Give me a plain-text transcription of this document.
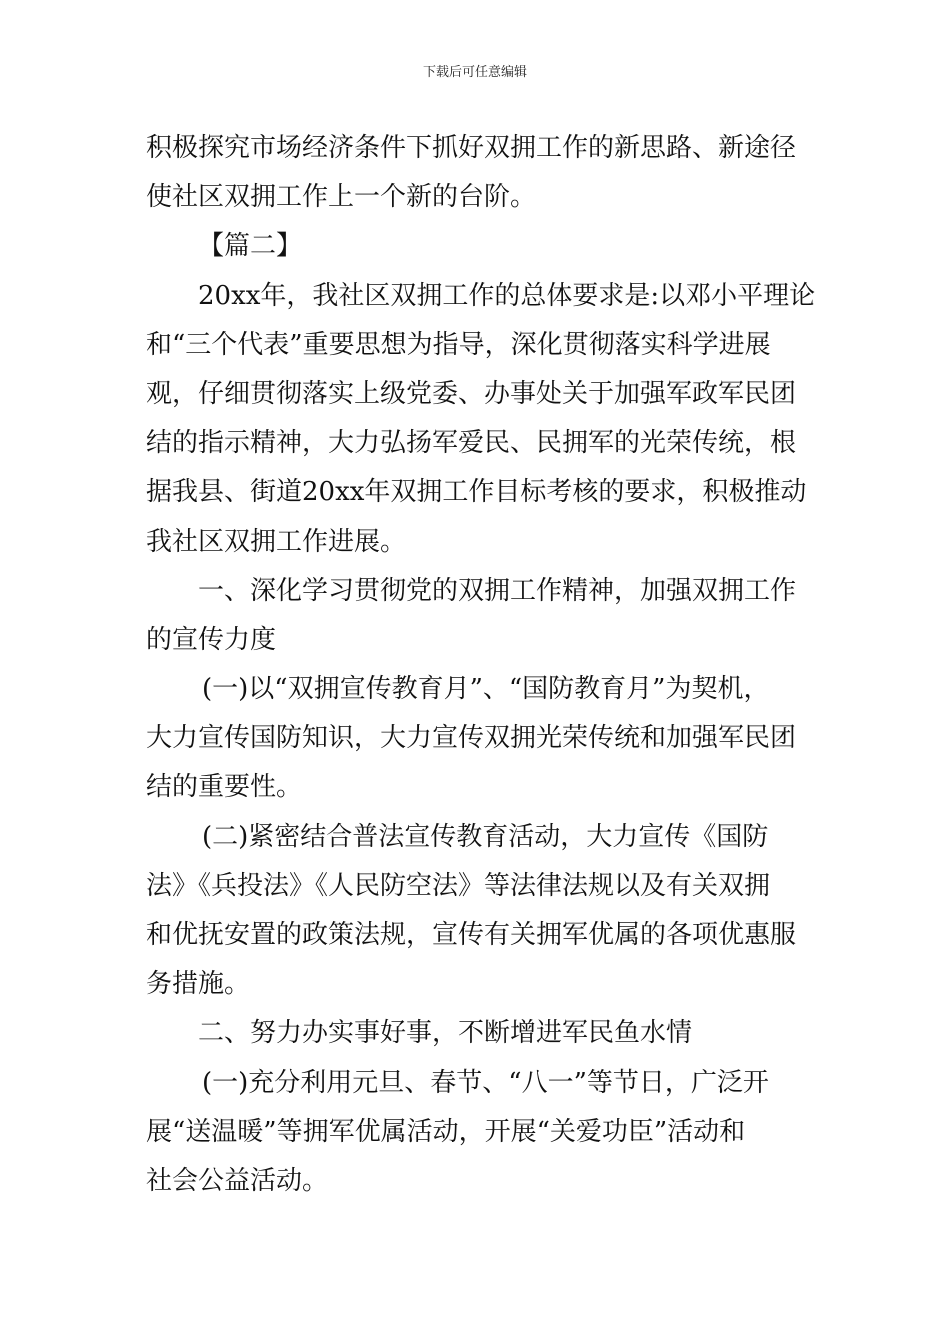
下载后可任意编辑
积极探究市场经济条件下抓好双拥工作的新思路、新途径
使社区双拥工作上一个新的台阶。
【篇二】
20xx年，我社区双拥工作的总体要求是:以邓小平理论
和“三个代表”重要思想为指导，深化贯彻落实科学进展
观，仔细贯彻落实上级党委、办事处关于加强军政军民团
结的指示精神，大力弘扬军爱民、民拥军的光荣传统，根
据我县、街道20xx年双拥工作目标考核的要求，积极推动
我社区双拥工作进展。
一、深化学习贯彻党的双拥工作精神，加强双拥工作
的宣传力度
(一)以“双拥宣传教育月”、“国防教育月”为契机，
大力宣传国防知识，大力宣传双拥光荣传统和加强军民团
结的重要性。
(二)紧密结合普法宣传教育活动，大力宣传《国防
法》《兵投法》《人民防空法》等法律法规以及有关双拥
和优抚安置的政策法规，宣传有关拥军优属的各项优惠服
务措施。
二、努力办实事好事，不断增进军民鱼水情
(一)充分利用元旦、春节、“八一”等节日，广泛开
展“送温暖”等拥军优属活动，开展“关爱功臣”活动和
社会公益活动。
